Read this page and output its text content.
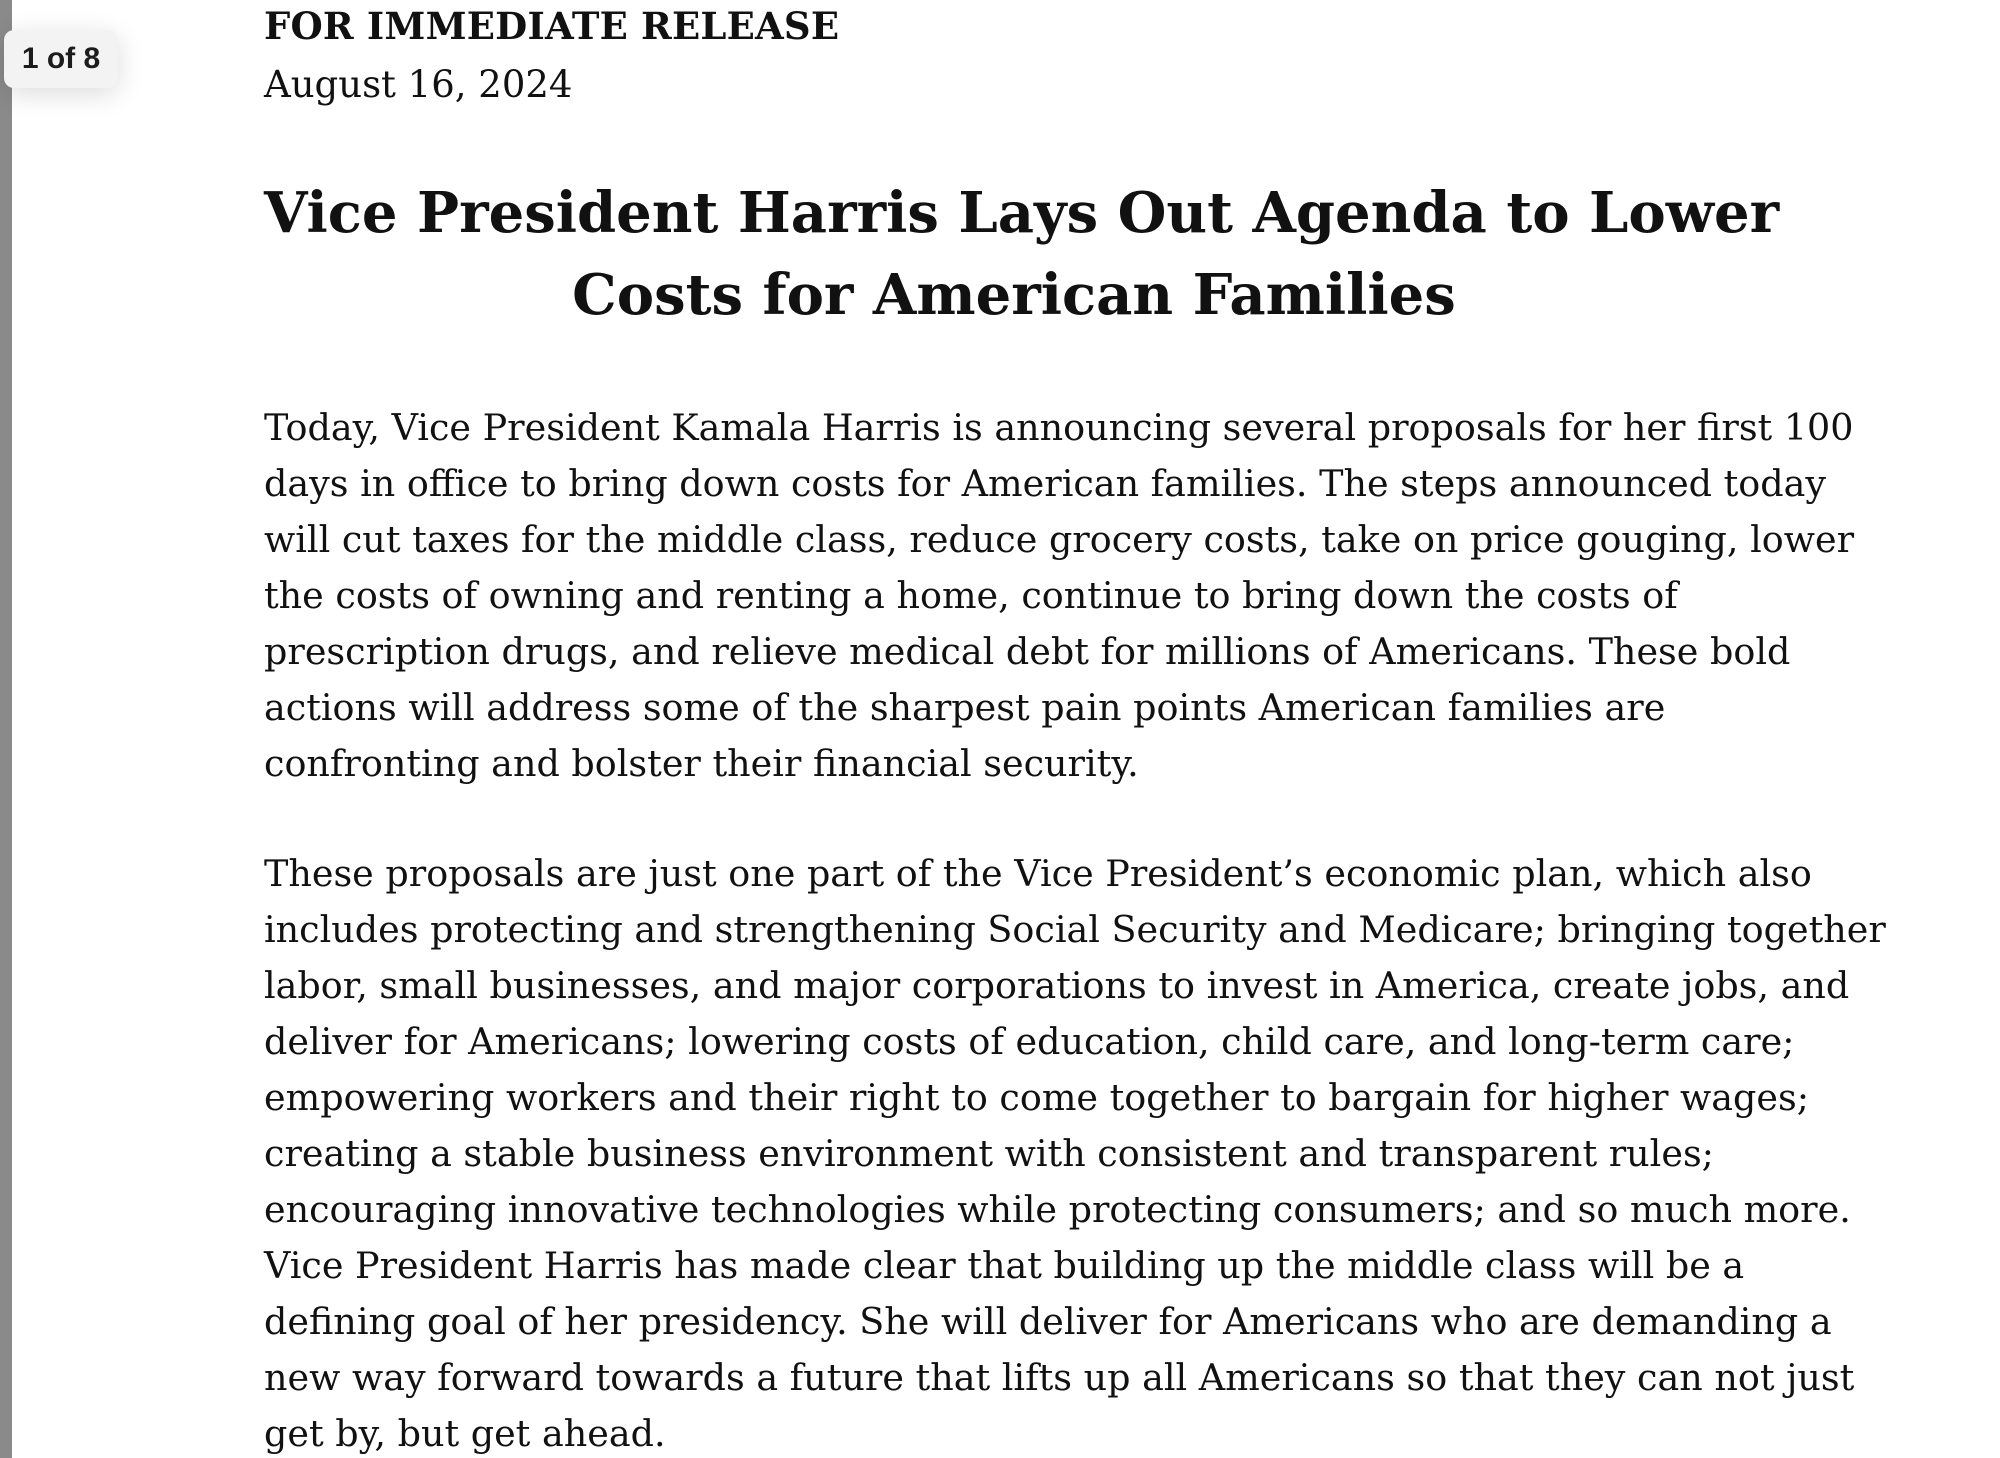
1 of 8
FOR IMMEDIATE RELEASE
August 16, 2024
Vice President Harris Lays Out Agenda to Lower
Costs for American Families
Today, Vice President Kamala Harris is announcing several proposals for her first 100
days in office to bring down costs for American families. The steps announced today
will cut taxes for the middle class, reduce grocery costs, take on price gouging, lower
the costs of owning and renting a home, continue to bring down the costs of
prescription drugs, and relieve medical debt for millions of Americans. These bold
actions will address some of the sharpest pain points American families are
confronting and bolster their financial security.
These proposals are just one part of the Vice President’s economic plan, which also
includes protecting and strengthening Social Security and Medicare; bringing together
labor, small businesses, and major corporations to invest in America, create jobs, and
deliver for Americans; lowering costs of education, child care, and long-term care;
empowering workers and their right to come together to bargain for higher wages;
creating a stable business environment with consistent and transparent rules;
encouraging innovative technologies while protecting consumers; and so much more.
Vice President Harris has made clear that building up the middle class will be a
defining goal of her presidency. She will deliver for Americans who are demanding a
new way forward towards a future that lifts up all Americans so that they can not just
get by, but get ahead.
